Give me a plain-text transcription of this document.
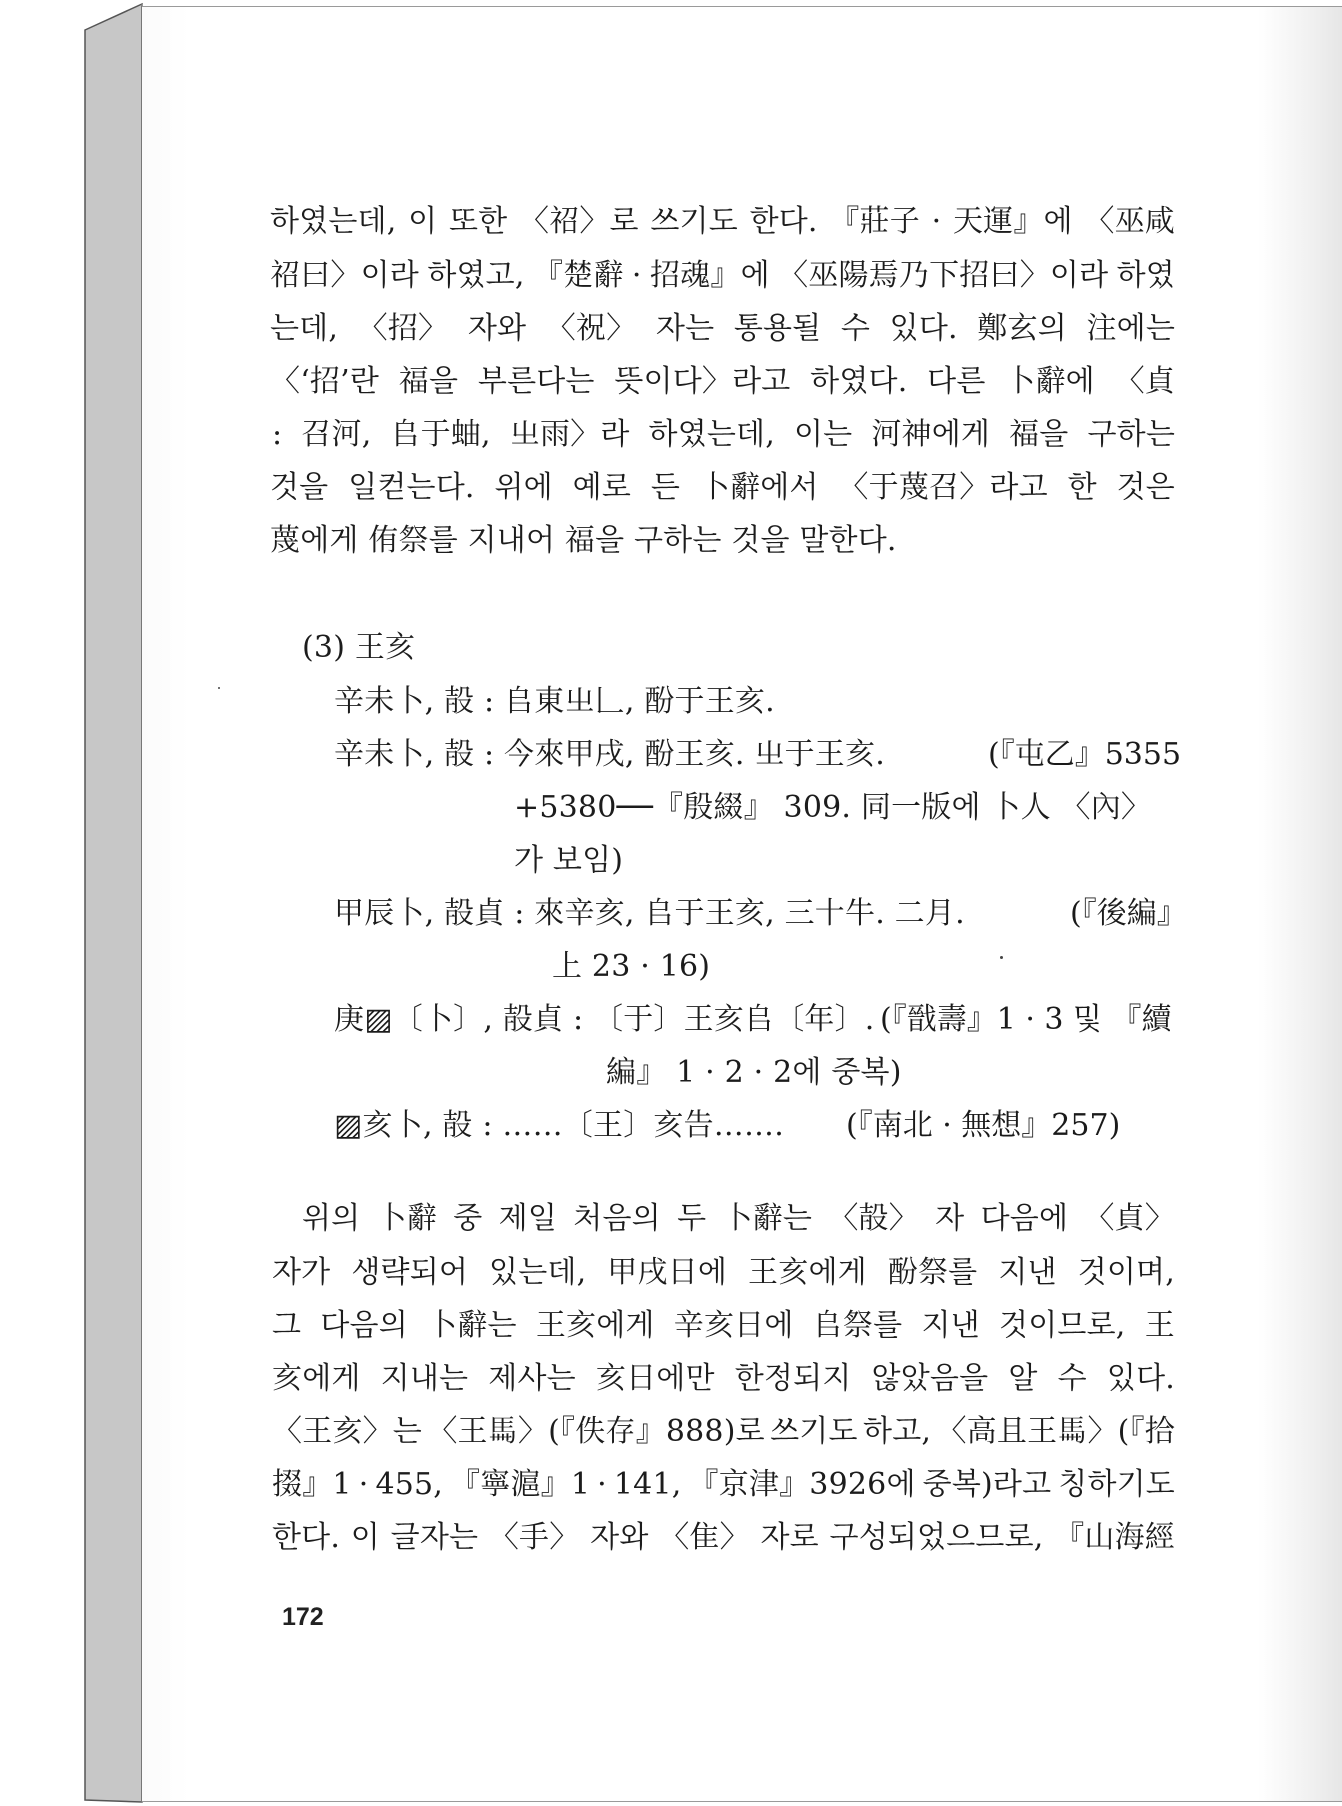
하였는데, 이 또한 〈祒〉로 쓰기도 한다. 『莊子 · 天運』에 〈巫咸
祒曰〉이라 하였고, 『楚辭 · 招魂』에 〈巫陽焉乃下招曰〉이라 하였
는데, 〈招〉 자와 〈祝〉 자는 통용될 수 있다. 鄭玄의 注에는
〈‘招’란 福을 부른다는 뜻이다〉라고 하였다. 다른 卜辭에 〈貞
: 召河, 𠂤于蚰, 㞢雨〉라 하였는데, 이는 河神에게 福을 구하는
것을 일컫는다. 위에 예로 든 卜辭에서 〈于蔑召〉라고 한 것은
蔑에게 侑祭를 지내어 福을 구하는 것을 말한다.
(3) 王亥
辛未卜, 㱿 : 𠂤東㞢𠃊, 酚于王亥.
辛未卜, 㱿 : 今來甲戌, 酚王亥. 㞢于王亥.	(『屯乙』5355
+5380──『殷綴』 309. 同一版에 卜人 〈內〉
가 보임)
甲辰卜, 㱿貞 : 來辛亥, 𠂤于王亥, 三十牛. 二月.	(『後編』
上 23 · 16)
庚▨〔卜〕, 㱿貞 : 〔于〕王亥𠂤〔年〕. (『戩壽』1 · 3 및 『續
編』 1 · 2 · 2에 중복)
▨亥卜, 㱿 : ……〔王〕亥告……. (『南北 · 無想』257)
위의 卜辭 중 제일 처음의 두 卜辭는 〈㱿〉 자 다음에 〈貞〉
자가 생략되어 있는데, 甲戌日에 王亥에게 酚祭를 지낸 것이며,
그 다음의 卜辭는 王亥에게 辛亥日에 𠂤祭를 지낸 것이므로, 王
亥에게 지내는 제사는 亥日에만 한정되지 않았음을 알 수 있다.
〈王亥〉는 〈王𩡧〉(『佚存』888)로 쓰기도 하고, 〈高且王𩡧〉(『拾
掇』1 · 455, 『寧滬』1 · 141, 『京津』3926에 중복)라고 칭하기도
한다. 이 글자는 〈手〉 자와 〈隹〉 자로 구성되었으므로, 『山海經
172
